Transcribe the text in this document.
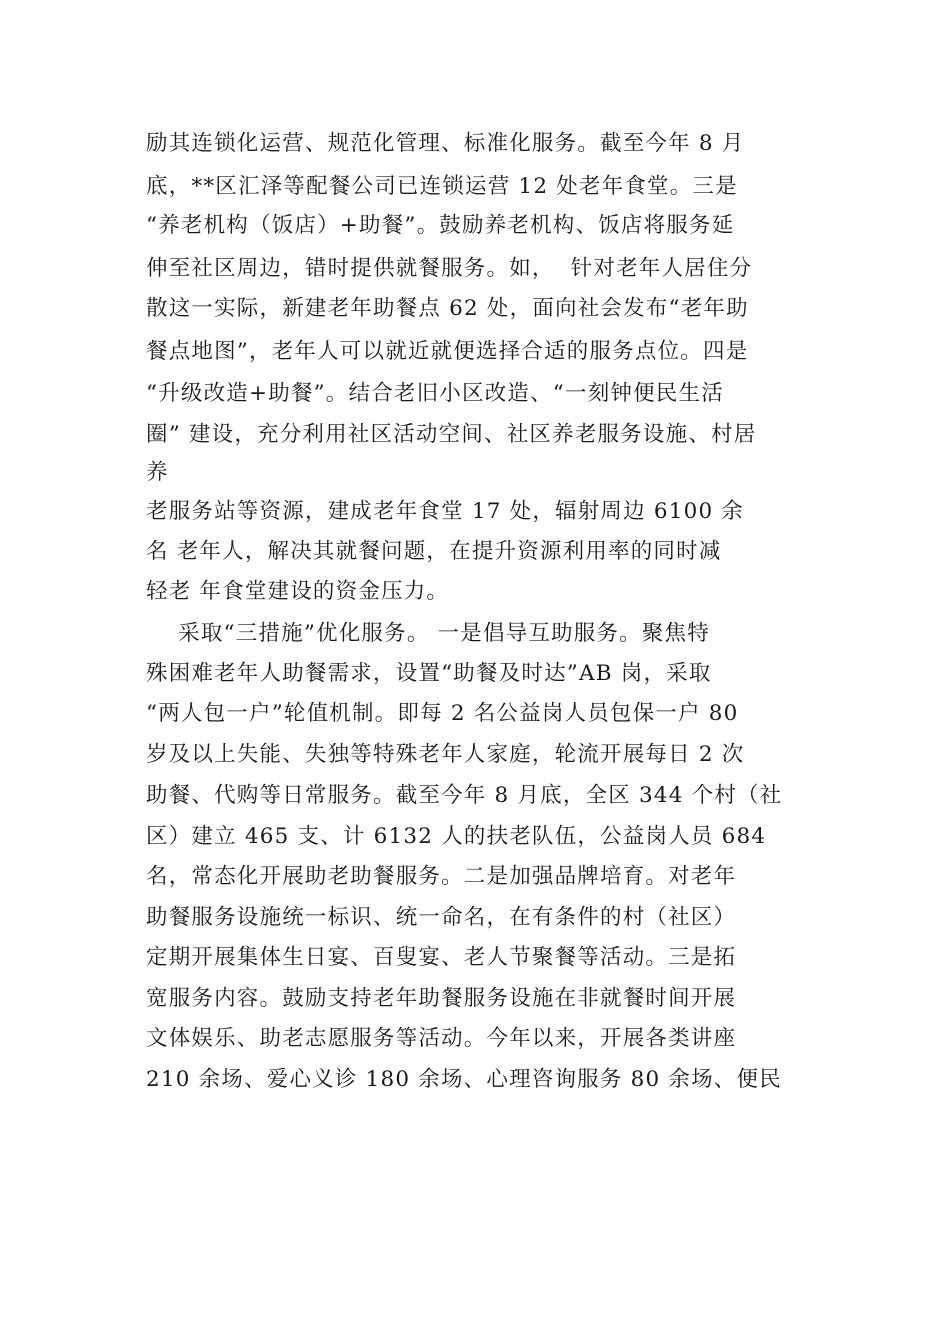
励其连锁化运营、规范化管理、标准化服务。截至今年 8 月
底，**区汇泽等配餐公司已连锁运营 12 处老年食堂。三是
“养老机构（饭店）+助餐”。鼓励养老机构、饭店将服务延
伸至社区周边，错时提供就餐服务。如，  针对老年人居住分
散这一实际，新建老年助餐点 62 处，面向社会发布“老年助
餐点地图”，老年人可以就近就便选择合适的服务点位。四是
“升级改造+助餐”。结合老旧小区改造、“一刻钟便民生活
圈” 建设，充分利用社区活动空间、社区养老服务设施、村居
养
老服务站等资源，建成老年食堂 17 处，辐射周边 6100 余
名 老年人，解决其就餐问题，在提升资源利用率的同时减
轻老 年食堂建设的资金压力。
采取“三措施”优化服务。 一是倡导互助服务。聚焦特
殊困难老年人助餐需求，设置“助餐及时达”AB 岗，采取
“两人包一户”轮值机制。即每 2 名公益岗人员包保一户 80
岁及以上失能、失独等特殊老年人家庭，轮流开展每日 2 次
助餐、代购等日常服务。截至今年 8 月底，全区 344 个村（社
区）建立 465 支、计 6132 人的扶老队伍，公益岗人员 684
名，常态化开展助老助餐服务。二是加强品牌培育。对老年
助餐服务设施统一标识、统一命名，在有条件的村（社区）
定期开展集体生日宴、百叟宴、老人节聚餐等活动。三是拓
宽服务内容。鼓励支持老年助餐服务设施在非就餐时间开展
文体娱乐、助老志愿服务等活动。今年以来，开展各类讲座
210 余场、爱心义诊 180 余场、心理咨询服务 80 余场、便民
